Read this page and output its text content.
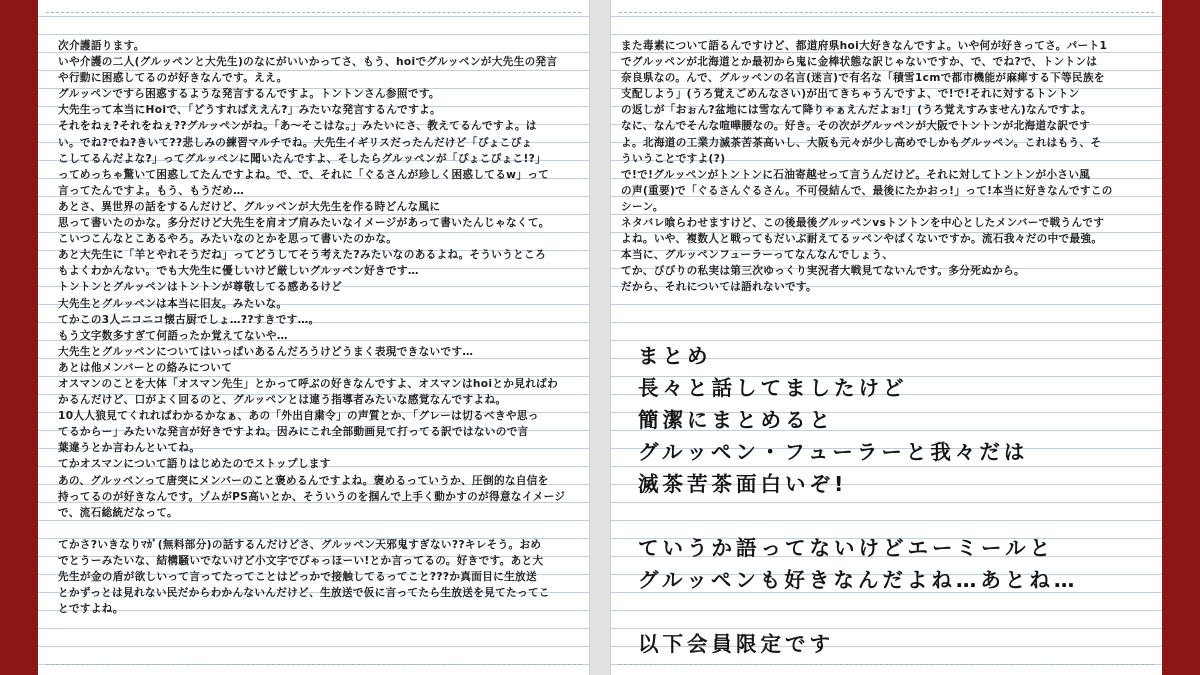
次介護語ります。
いや介護の二人(グルッペンと大先生)のなにがいいかってさ、もう、hoiでグルッペンが大先生の発言
や行動に困惑してるのが好きなんです。ええ。
グルッペンですら困惑するような発言するんですよ。トントンさん参照です。
大先生って本当にHoiで、「どうすればええん?」みたいな発言するんですよ。
それをねぇ?それをねぇ??グルッペンがね。「あ〜そこはな。」みたいにさ、教えてるんですよ。は
い。でね?でね?きいて??悲しみの練習マルチでね。大先生イギリスだったんだけど「ぴょこぴょ
こしてるんだよな?」ってグルッペンに聞いたんですよ、そしたらグルッペンが「ぴょこぴょこ!?」
ってめっちゃ驚いて困惑してたんですよね。で、で、それに「ぐるさんが珍しく困惑してるw」って
言ってたんですよ。もう、もうだめ…
あとさ、異世界の話をするんだけど、グルッペンが大先生を作る時どんな風に
思って書いたのかな。多分だけど大先生を肩オブ肩みたいなイメージがあって書いたんじゃなくて。
こいつこんなとこあるやろ。みたいなのとかを思って書いたのかな。
あと大先生に「羊とやれそうだね」ってどうしてそう考えた?みたいなのあるよね。そういうところ
もよくわかんない。でも大先生に優しいけど厳しいグルッペン好きです…
トントンとグルッペンはトントンが尊敬してる感あるけど
大先生とグルッペンは本当に旧友。みたいな。
てかこの3人ニコニコ懐古厨でしょ…??すきです…。
もう文字数多すぎて何語ったか覚えてないや…
大先生とグルッペンについてはいっぱいあるんだろうけどうまく表現できないです…
あとは他メンバーとの絡みについて
オスマンのことを大体「オスマン先生」とかって呼ぶの好きなんですよ、オスマンはhoiとか見ればわ
かるんだけど、口がよく回るのと、グルッペンとは違う指導者みたいな感覚なんですよね。
10人人狼見てくれればわかるかなぁ、あの「外出自粛令」の声質とか、「グレーは切るべきや思っ
てるからー」みたいな発言が好きですよね。因みにこれ全部動画見て打ってる訳ではないので言
葉違うとか言わんといてね。
てかオスマンについて語りはじめたのでストップします
あの、グルッペンって唐突にメンバーのこと褒めるんですよね。褒めるっていうか、圧倒的な自信を
持ってるのが好きなんです。ゾムがPS高いとか、そういうのを掴んで上手く動かすのが得意なイメージ
で、流石総統だなって。
てかさ?いきなりﾏｶﾞ(無料部分)の話するんだけどさ、グルッペン天邪鬼すぎない??キレそう。おめ
でとうーみたいな、結構騒いでないけど小文字でぴゃっほーい!とか言ってるの。好きです。あと大
先生が金の盾が欲しいって言ってたってことはどっかで接触してるってこと???か真面目に生放送
とかずっとは見れない民だからわかんないんだけど、生放送で仮に言ってたら生放送を見てたってこ
とですよね。
また毒素について語るんですけど、都道府県hoi大好きなんですよ。いや何が好きってさ。パート1
でグルッペンが北海道とか最初から鬼に金棒状態な訳じゃないですか、で、でね?で、トントンは
奈良県なの。んで、グルッペンの名言(迷言)で有名な「積雪1cmで都市機能が麻痺する下等民族を
支配しよう」(うろ覚えごめんなさい)が出てきちゃうんですよ、で!で!それに対するトントン
の返しが「おぉん?盆地には雪なんて降りゃぁえんだよぉ!」(うろ覚えすみません)なんですよ。
なに、なんでそんな喧嘩腰なの。好き。その次がグルッペンが大阪でトントンが北海道な訳です
よ。北海道の工業力滅茶苦茶高いし、大阪も元々が少し高めでしかもグルッペン。これはもう、そ
ういうことですよ(?)
で!で!グルッペンがトントンに石油寄越せって言うんだけど。それに対してトントンが小さい風
の声(重要)で「ぐるさんぐるさん。不可侵結んで、最後にたかおっ!」って!本当に好きなんですこの
シーン。
ネタバレ喰らわせますけど、この後最後グルッペンvsトントンを中心としたメンバーで戦うんです
よね。いや、複数人と戦ってもだいぶ耐えてるッペンやばくないですか。流石我々だの中で最強。
本当に、グルッペンフューラーってなんなんでしょう、
てか、びびりの私実は第三次ゆっくり実況者大戦見てないんです。多分死ぬから。
だから、それについては語れないです。
まとめ
長々と話してましたけど
簡潔にまとめると
グルッペン・フューラーと我々だは
滅茶苦茶面白いぞ!
ていうか語ってないけどエーミールと
グルッペンも好きなんだよね…あとね…
以下会員限定です
